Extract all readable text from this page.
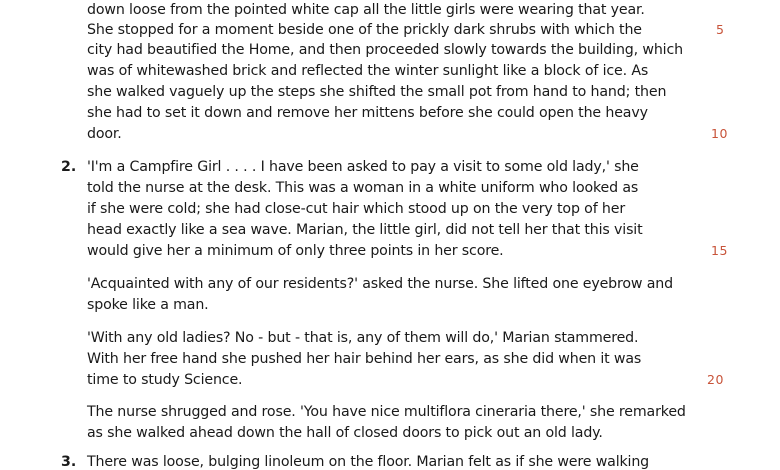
down loose from the pointed white cap all the little girls were wearing that year.
She stopped for a moment beside one of the prickly dark shrubs with which the	5
city had beautified the Home, and then proceeded slowly towards the building, which
was of whitewashed brick and reflected the winter sunlight like a block of ice. As
she walked vaguely up the steps she shifted the small pot from hand to hand; then
she had to set it down and remove her mittens before she could open the heavy
door.	10
2. 'I'm a Campfire Girl . . . . I have been asked to pay a visit to some old lady,' she
told the nurse at the desk. This was a woman in a white uniform who looked as
if she were cold; she had close-cut hair which stood up on the very top of her
head exactly like a sea wave. Marian, the little girl, did not tell her that this visit
would give her a minimum of only three points in her score.	15
'Acquainted with any of our residents?' asked the nurse. She lifted one eyebrow and
spoke like a man.
'With any old ladies? No - but - that is, any of them will do,' Marian stammered.
With her free hand she pushed her hair behind her ears, as she did when it was
time to study Science.	20
The nurse shrugged and rose. 'You have nice multiflora cineraria there,' she remarked
as she walked ahead down the hall of closed doors to pick out an old lady.
3. There was loose, bulging linoleum on the floor. Marian felt as if she were walking
